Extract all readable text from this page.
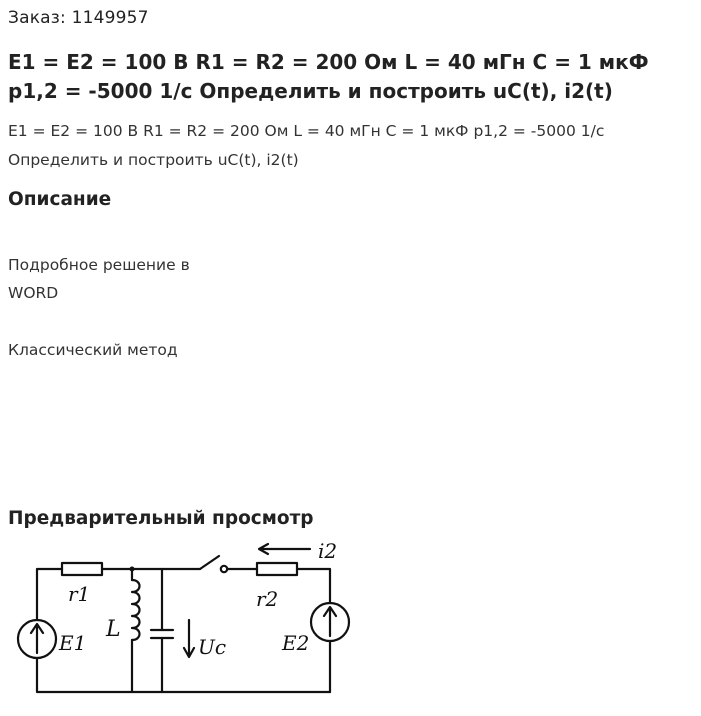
Заказ: 1149957
E1 = E2 = 100 В R1 = R2 = 200 Ом L = 40 мГн C = 1 мкФ p1,2 = -5000 1/с Определить и построить uC(t), i2(t)
E1 = E2 = 100 В R1 = R2 = 200 Ом L = 40 мГн C = 1 мкФ p1,2 = -5000 1/с Определить и построить uC(t), i2(t)
Описание
Подробное решение в
WORD
Классический метод
Предварительный просмотр
r1	r2
E1	E2
L
Uc
i2
